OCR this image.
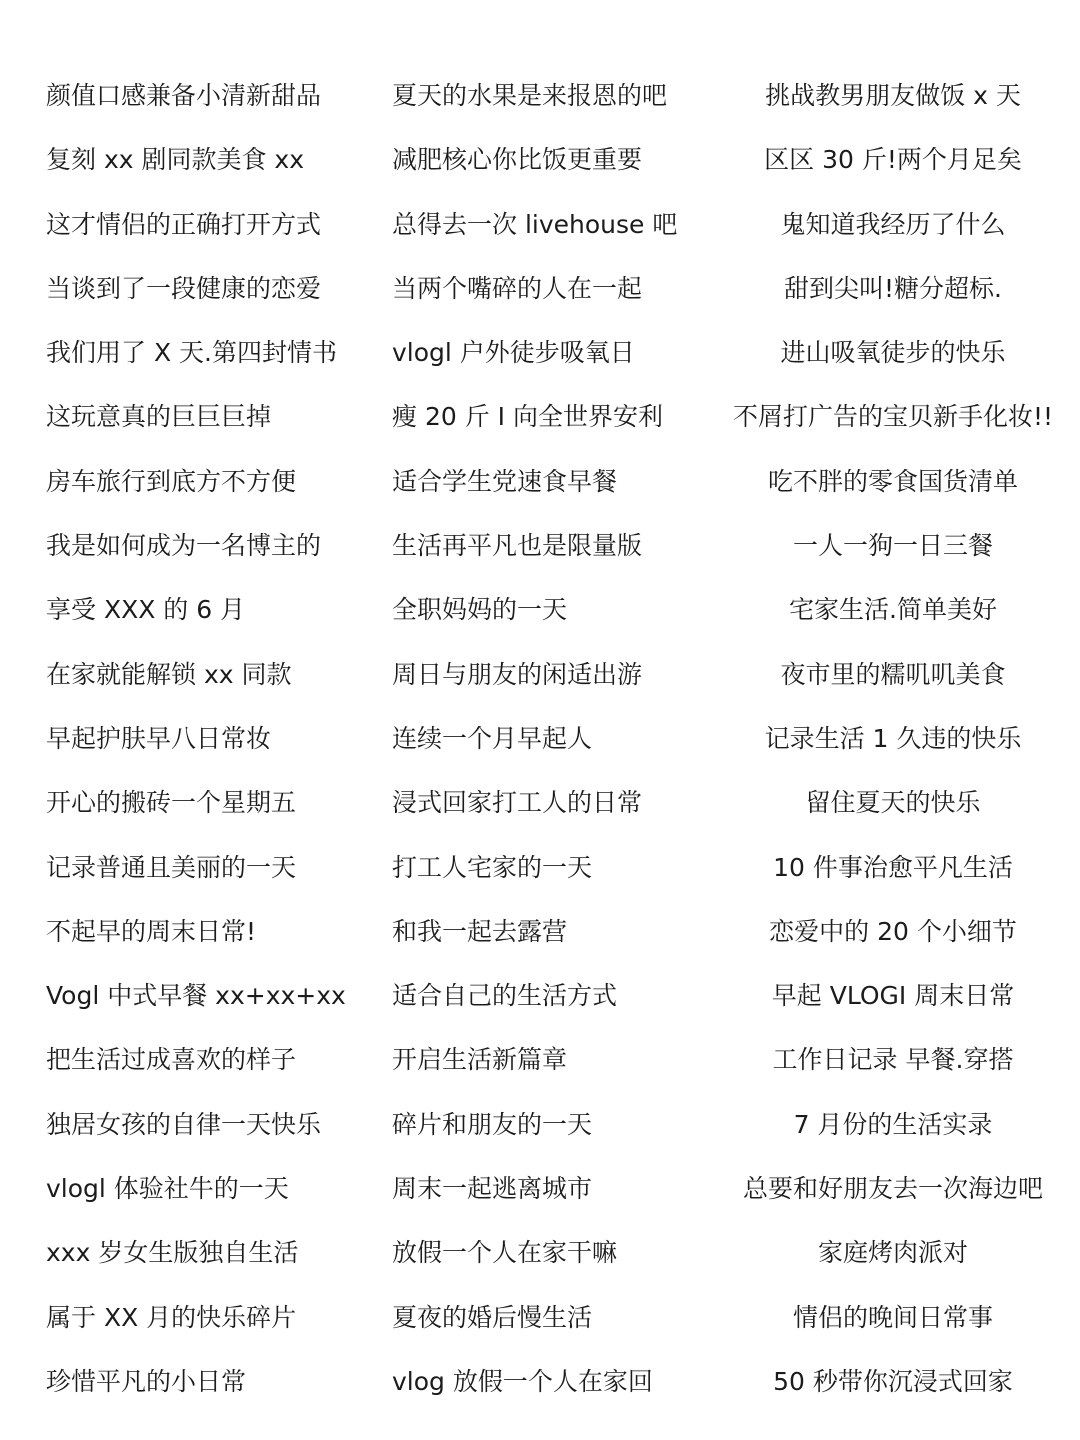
颜值口感兼备小清新甜品
复刻 xx 剧同款美食 xx
这才情侣的正确打开方式
当谈到了一段健康的恋爱
我们用了 X 天.第四封情书
这玩意真的巨巨巨掉
房车旅行到底方不方便
我是如何成为一名博主的
享受 XXX 的 6 月
在家就能解锁 xx 同款
早起护肤早八日常妆
开心的搬砖一个星期五
记录普通且美丽的一天
不起早的周末日常!
Vogl 中式早餐 xx+xx+xx
把生活过成喜欢的样子
独居女孩的自律一天快乐
vlogl 体验社牛的一天
xxx 岁女生版独自生活
属于 XX 月的快乐碎片
珍惜平凡的小日常
夏天的水果是来报恩的吧
减肥核心你比饭更重要
总得去一次 livehouse 吧
当两个嘴碎的人在一起
vlogl 户外徒步吸氧日
瘦 20 斤 I 向全世界安利
适合学生党速食早餐
生活再平凡也是限量版
全职妈妈的一天
周日与朋友的闲适出游
连续一个月早起人
浸式回家打工人的日常
打工人宅家的一天
和我一起去露营
适合自己的生活方式
开启生活新篇章
碎片和朋友的一天
周末一起逃离城市
放假一个人在家干嘛
夏夜的婚后慢生活
vlog 放假一个人在家回
挑战教男朋友做饭 x 天
区区 30 斤!两个月足矣
鬼知道我经历了什么
甜到尖叫!糖分超标.
进山吸氧徒步的快乐
不屑打广告的宝贝新手化妆!!
吃不胖的零食国货清单
一人一狗一日三餐
宅家生活.简单美好
夜市里的糯叽叽美食
记录生活 1 久违的快乐
留住夏天的快乐
10 件事治愈平凡生活
恋爱中的 20 个小细节
早起 VLOGI 周末日常
工作日记录 早餐.穿搭
7 月份的生活实录
总要和好朋友去一次海边吧
家庭烤肉派对
情侣的晚间日常事
50 秒带你沉浸式回家
